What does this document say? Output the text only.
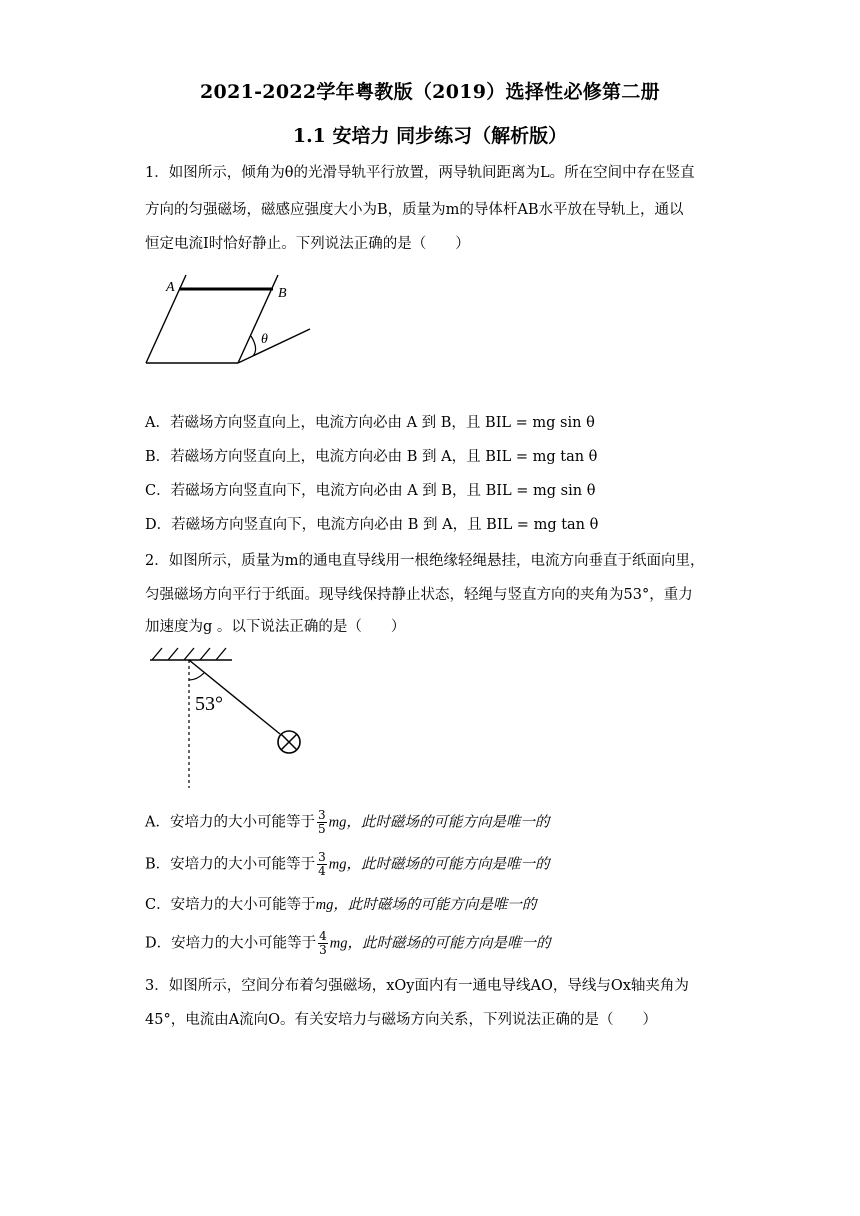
2021-2022学年粤教版（2019）选择性必修第二册
1.1 安培力 同步练习（解析版）
1．如图所示，倾角为θ的光滑导轨平行放置，两导轨间距离为L。所在空间中存在竖直
方向的匀强磁场，磁感应强度大小为B，质量为m的导体杆AB水平放在导轨上，通以
恒定电流I时恰好静止。下列说法正确的是（　　）
A	B
θ
A．若磁场方向竖直向上，电流方向必由 A 到 B，且 BIL = mg sin θ
B．若磁场方向竖直向上，电流方向必由 B 到 A，且 BIL = mg tan θ
C．若磁场方向竖直向下，电流方向必由 A 到 B，且 BIL = mg sin θ
D．若磁场方向竖直向下，电流方向必由 B 到 A，且 BIL = mg tan θ
2．如图所示，质量为m的通电直导线用一根绝缘轻绳悬挂，电流方向垂直于纸面向里，
匀强磁场方向平行于纸面。现导线保持静止状态，轻绳与竖直方向的夹角为53°，重力
加速度为g 。以下说法正确的是（　　）
53°
A．安培力的大小可能等于 $\frac{3}{5}$ mg，此时磁场的可能方向是唯一的
B．安培力的大小可能等于 $\frac{3}{4}$ mg，此时磁场的可能方向是唯一的
C．安培力的大小可能等于mg，此时磁场的可能方向是唯一的
D．安培力的大小可能等于 $\frac{4}{3}$ mg，此时磁场的可能方向是唯一的
3．如图所示，空间分布着匀强磁场，xOy面内有一通电导线AO，导线与Ox轴夹角为
45°，电流由A流向O。有关安培力与磁场方向关系，下列说法正确的是（　　）
